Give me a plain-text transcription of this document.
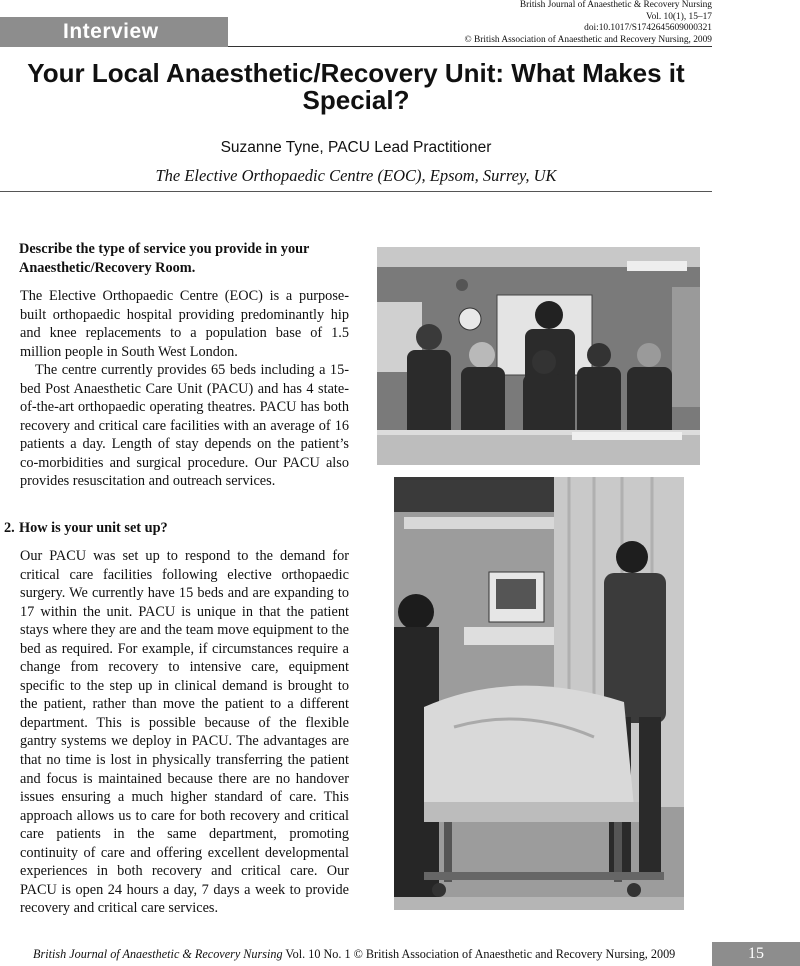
Interview
British Journal of Anaesthetic & Recovery Nursing
Vol. 10(1), 15–17
doi:10.1017/S1742645609000321
© British Association of Anaesthetic and Recovery Nursing, 2009
Your Local Anaesthetic/Recovery Unit: What Makes it Special?
Suzanne Tyne, PACU Lead Practitioner
The Elective Orthopaedic Centre (EOC), Epsom, Surrey, UK
Describe the type of service you provide in your Anaesthetic/Recovery Room.

The Elective Orthopaedic Centre (EOC) is a purpose-built orthopaedic hospital providing predominantly hip and knee replacements to a population base of 1.5 million people in South West London.

The centre currently provides 65 beds including a 15-bed Post Anaesthetic Care Unit (PACU) and has 4 state-of-the-art orthopaedic operating theatres. PACU has both recovery and critical care facilities with an average of 16 patients a day. Length of stay depends on the patient’s co-morbidities and surgical procedure. Our PACU also provides resuscitation and outreach services.

2. How is your unit set up?

Our PACU was set up to respond to the demand for critical care facilities following elective orthopaedic surgery. We currently have 15 beds and are expanding to 17 within the unit. PACU is unique in that the patient stays where they are and the team move equipment to the bed as required. For example, if circumstances require a change from recovery to intensive care, equipment specific to the step up in clinical demand is brought to the patient, rather than move the patient to a different department. This is possible because of the flexible gantry systems we deploy in PACU. The advantages are that no time is lost in physically transferring the patient and focus is maintained because there are no handover issues ensuring a much higher standard of care. This approach allows us to care for both recovery and critical care patients in the same department, promoting continuity of care and offering excellent developmental experiences in both recovery and critical care. Our PACU is open 24 hours a day, 7 days a week to provide recovery and critical care services.

British Journal of Anaesthetic & Recovery Nursing Vol. 10 No. 1 © British Association of Anaesthetic and Recovery Nursing, 2009	15
